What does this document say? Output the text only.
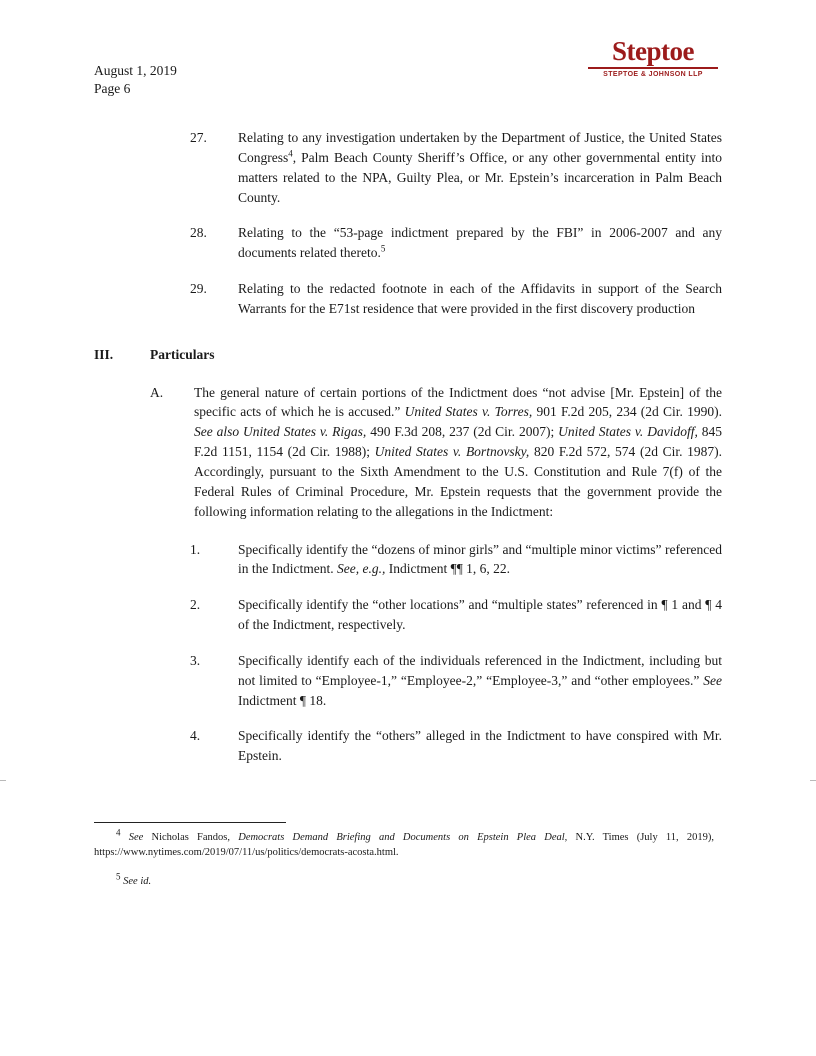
Steptoe
STEPTOE & JOHNSON LLP
August 1, 2019
Page 6
27.	Relating to any investigation undertaken by the Department of Justice, the United States Congress$^4$, Palm Beach County Sheriff’s Office, or any other governmental entity into matters related to the NPA, Guilty Plea, or Mr. Epstein’s incarceration in Palm Beach County.
28.	Relating to the “53-page indictment prepared by the FBI” in 2006-2007 and any documents related thereto.$^5$
29.	Relating to the redacted footnote in each of the Affidavits in support of the Search Warrants for the E71st residence that were provided in the first discovery production
III.	Particulars
A.	The general nature of certain portions of the Indictment does “not advise [Mr. Epstein] of the specific acts of which he is accused.” United States v. Torres, 901 F.2d 205, 234 (2d Cir. 1990). See also United States v. Rigas, 490 F.3d 208, 237 (2d Cir. 2007); United States v. Davidoff, 845 F.2d 1151, 1154 (2d Cir. 1988); United States v. Bortnovsky, 820 F.2d 572, 574 (2d Cir. 1987). Accordingly, pursuant to the Sixth Amendment to the U.S. Constitution and Rule 7(f) of the Federal Rules of Criminal Procedure, Mr. Epstein requests that the government provide the following information relating to the allegations in the Indictment:
1.	Specifically identify the “dozens of minor girls” and “multiple minor victims” referenced in the Indictment. See, e.g., Indictment ¶¶ 1, 6, 22.
2.	Specifically identify the “other locations” and “multiple states” referenced in ¶ 1 and ¶ 4 of the Indictment, respectively.
3.	Specifically identify each of the individuals referenced in the Indictment, including but not limited to “Employee-1,” “Employee-2,” “Employee-3,” and “other employees.” See Indictment ¶ 18.
4.	Specifically identify the “others” alleged in the Indictment to have conspired with Mr. Epstein.

4 See Nicholas Fandos, Democrats Demand Briefing and Documents on Epstein Plea Deal, N.Y. Times (July 11, 2019), https://www.nytimes.com/2019/07/11/us/politics/democrats-acosta.html.

5 See id.
